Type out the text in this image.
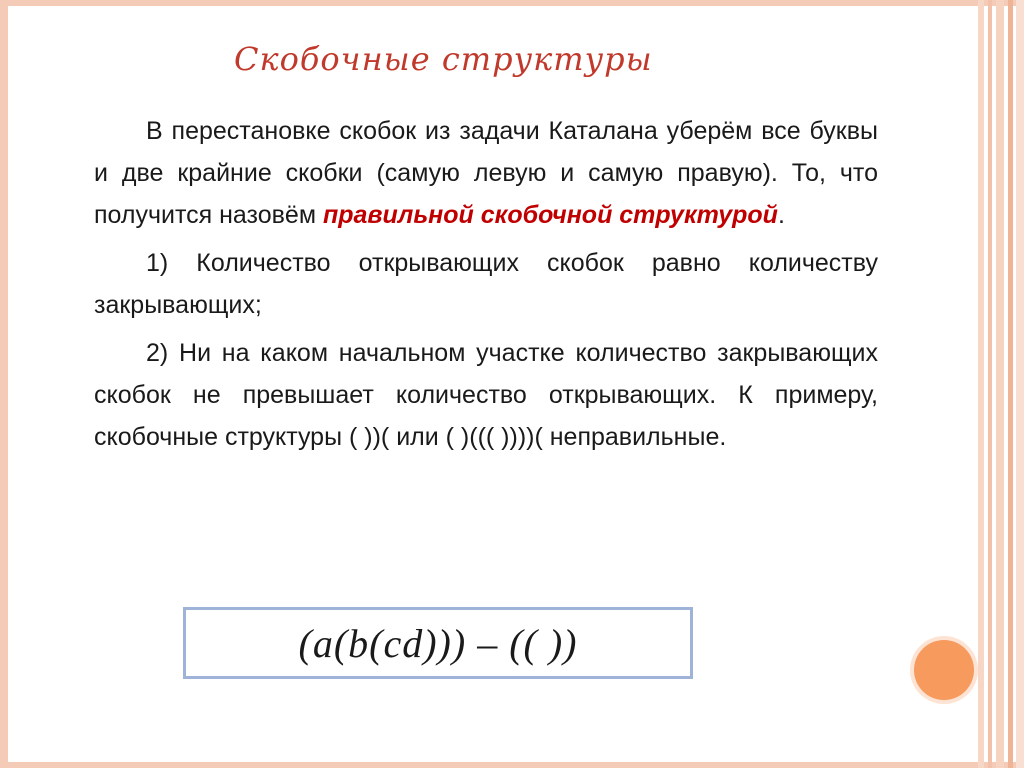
Скобочные структуры

В перестановке скобок из задачи Каталана уберём все буквы и две крайние скобки (самую левую и самую правую). То, что получится назовём правильной скобочной структурой.

1) Количество открывающих скобок равно количеству закрывающих;

2) Ни на каком начальном участке количество закрывающих скобок не превышает количество открывающих. К примеру, скобочные структуры ( ))( или ( )((( ))))( неправильные.

(a(b(cd))) – (( ))
